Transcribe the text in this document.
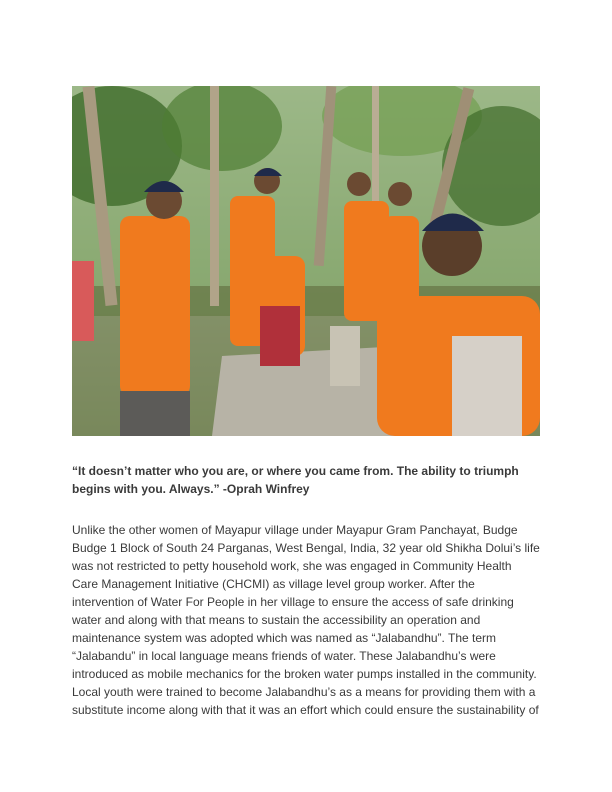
“It doesn’t matter who you are, or where you came from. The ability to triumph
begins with you. Always.” -Oprah Winfrey

Unlike the other women of Mayapur village under Mayapur Gram Panchayat, Budge
Budge 1 Block of South 24 Parganas, West Bengal, India, 32 year old Shikha Dolui’s life
was not restricted to petty household work, she was engaged in Community Health
Care Management Initiative (CHCMI) as village level group worker. After the
intervention of Water For People in her village to ensure the access of safe drinking
water and along with that means to sustain the accessibility an operation and
maintenance system was adopted which was named as “Jalabandhu”. The term
“Jalabandu” in local language means friends of water. These Jalabandhu’s were
introduced as mobile mechanics for the broken water pumps installed in the community.
Local youth were trained to become Jalabandhu’s as a means for providing them with a
substitute income along with that it was an effort which could ensure the sustainability of
